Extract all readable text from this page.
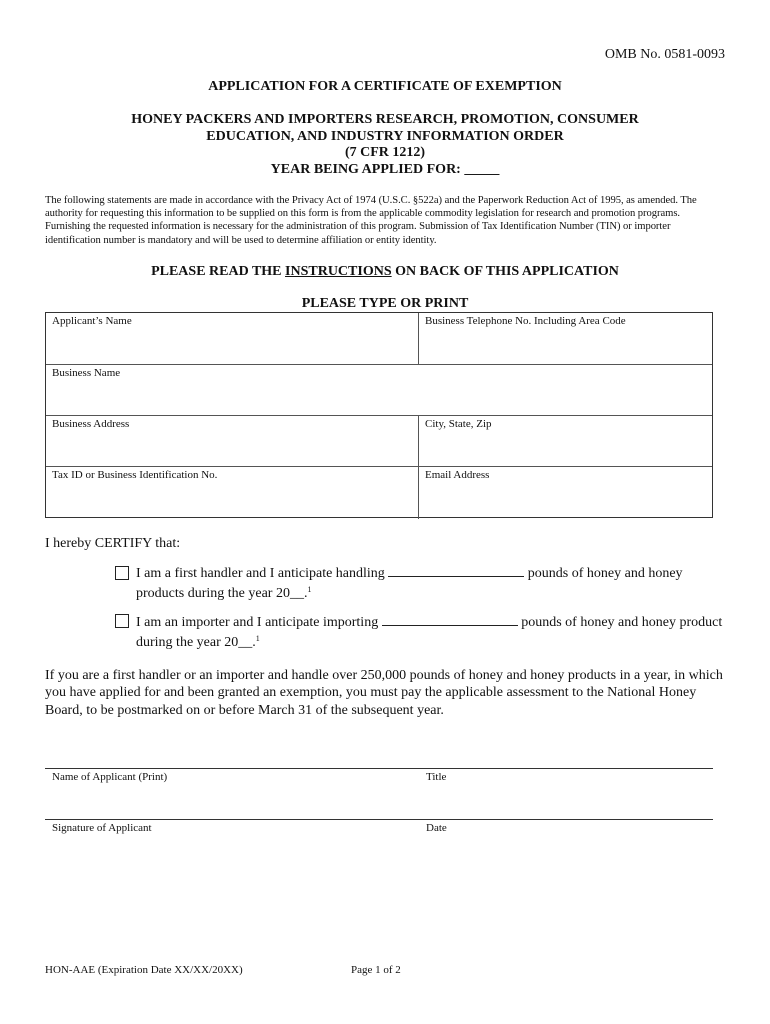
OMB No. 0581-0093
APPLICATION FOR A CERTIFICATE OF EXEMPTION
HONEY PACKERS AND IMPORTERS RESEARCH, PROMOTION, CONSUMER
EDUCATION, AND INDUSTRY INFORMATION ORDER
(7 CFR 1212)
YEAR BEING APPLIED FOR: _____
The following statements are made in accordance with the Privacy Act of 1974 (U.S.C. §522a) and the Paperwork Reduction Act of 1995, as amended. The authority for requesting this information to be supplied on this form is from the applicable commodity legislation for research and promotion programs. Furnishing the requested information is necessary for the administration of this program. Submission of Tax Identification Number (TIN) or importer identification number is mandatory and will be used to determine affiliation or entity identity.
PLEASE READ THE INSTRUCTIONS ON BACK OF THIS APPLICATION
PLEASE TYPE OR PRINT
Applicant’s Name	Business Telephone No. Including Area Code
Business Name
Business Address	City, State, Zip
Tax ID or Business Identification No.	Email Address
I hereby CERTIFY that:
I am a first handler and I anticipate handling	pounds of honey and honey
products during the year 20__.$^1$
I am an importer and I anticipate importing	pounds of honey and honey product
during the year 20__.$^1$
If you are a first handler or an importer and handle over 250,000 pounds of honey and honey products in a year, in which you have applied for and been granted an exemption, you must pay the applicable assessment to the National Honey Board, to be postmarked on or before March 31 of the subsequent year.
Name of Applicant (Print)	Title
Signature of Applicant	Date
HON-AAE (Expiration Date XX/XX/20XX)	Page 1 of 2
